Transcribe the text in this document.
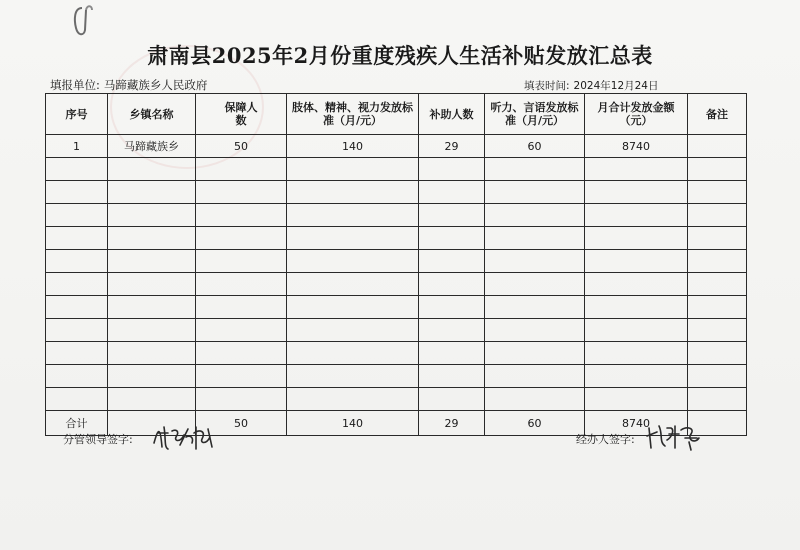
肃南县2025年2月份重度残疾人生活补贴发放汇总表
填报单位: 马蹄藏族乡人民政府	填表时间: 2024年12月24日
序号	乡镇名称	保障人数	肢体、精神、视力发放标准（月/元）	补助人数	听力、言语发放标准（月/元）	月合计发放金额（元）	备注
1	马蹄藏族乡	50	140	29	60	8740	

合计		50	140	29	60	8740	
分管领导签字:	经办人签字:
